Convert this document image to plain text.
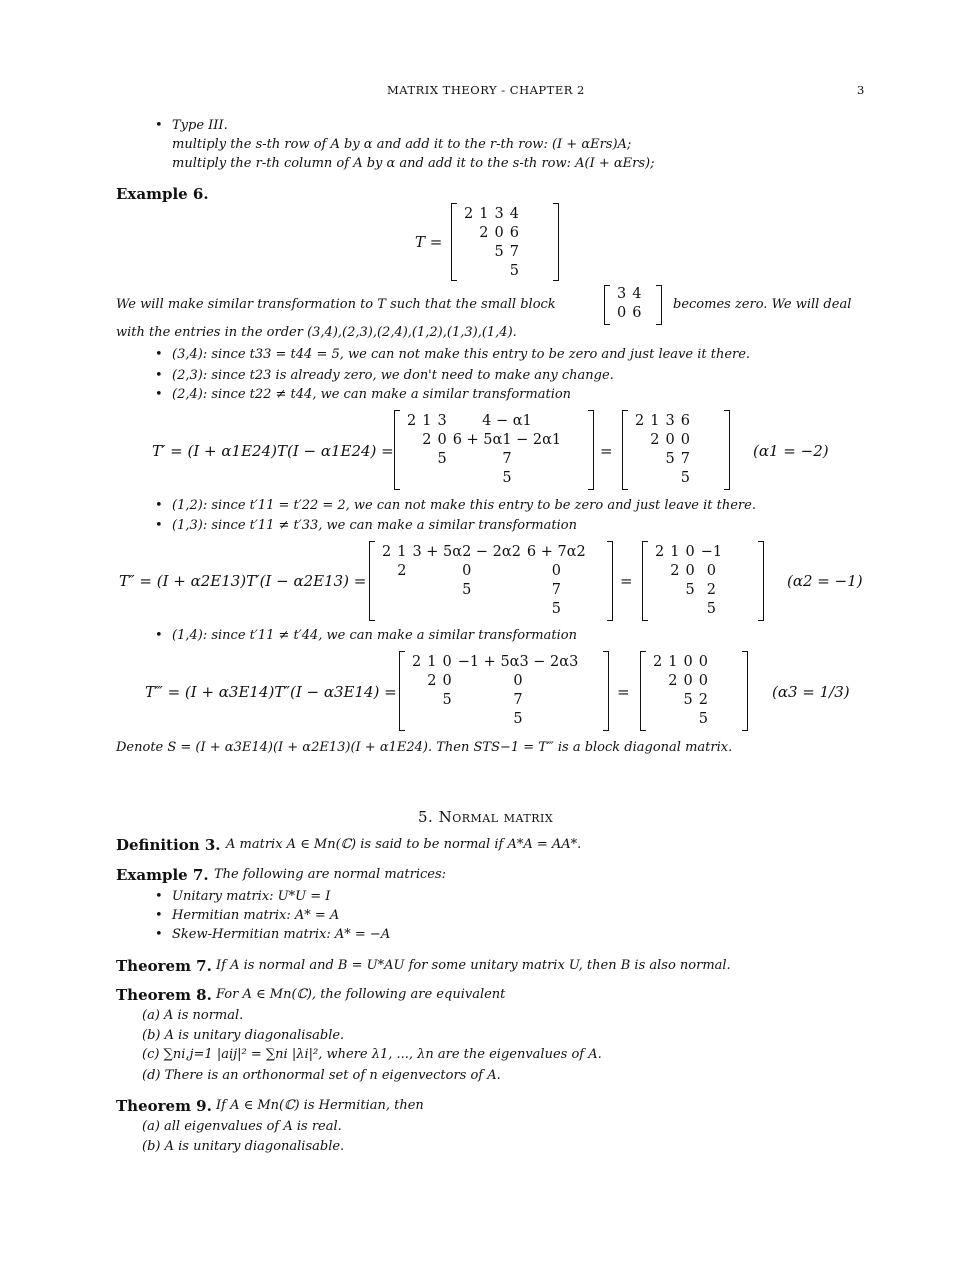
MATRIX THEORY - CHAPTER 2	3
• Type III.
multiply the s-th row of A by α and add it to the r-th row: (I + αErs)A;
multiply the r-th column of A by α and add it to the s-th row: A(I + αErs);
Example 6.
T =
2	1	3	4
	2	0	6
		5	7
			5
We will make similar transformation to T such that the small block
3	4
0	6
becomes zero. We will deal
with the entries in the order (3,4),(2,3),(2,4),(1,2),(1,3),(1,4).
• (3,4): since t33 = t44 = 5, we can not make this entry to be zero and just leave it there.
• (2,3): since t23 is already zero, we don't need to make any change.
• (2,4): since t22 ≠ t44, we can make a similar transformation
T′ = (I + α1E24)T(I − α1E24) =
2	1	3	4 − α1
	2	0	6 + 5α1 − 2α1
		5	7
			5
=
2	1	3	6
	2	0	0
		5	7
			5
(α1 = −2)
• (1,2): since t′11 = t′22 = 2, we can not make this entry to be zero and just leave it there.
• (1,3): since t′11 ≠ t′33, we can make a similar transformation
T″ = (I + α2E13)T′(I − α2E13) =
2	1	3 + 5α2 − 2α2	6 + 7α2
	2	0	0
		5	7
			5
=
2	1	0	−1
	2	0	0
		5	2
			5
(α2 = −1)
• (1,4): since t′11 ≠ t′44, we can make a similar transformation
T‴ = (I + α3E14)T″(I − α3E14) =
2	1	0	−1 + 5α3 − 2α3
	2	0	0
		5	7
			5
=
2	1	0	0
	2	0	0
		5	2
			5
(α3 = 1/3)
Denote S = (I + α3E14)(I + α2E13)(I + α1E24). Then STS−1 = T‴ is a block diagonal matrix.
5. Normal matrix
Definition 3. A matrix A ∈ Mn(ℂ) is said to be normal if A*A = AA*.
Example 7. The following are normal matrices:
• Unitary matrix: U*U = I
• Hermitian matrix: A* = A
• Skew-Hermitian matrix: A* = −A
Theorem 7. If A is normal and B = U*AU for some unitary matrix U, then B is also normal.
Theorem 8. For A ∈ Mn(ℂ), the following are equivalent
(a) A is normal.
(b) A is unitary diagonalisable.
(c) ∑ni,j=1 |aij|² = ∑ni |λi|², where λ1, ..., λn are the eigenvalues of A.
(d) There is an orthonormal set of n eigenvectors of A.
Theorem 9. If A ∈ Mn(ℂ) is Hermitian, then
(a) all eigenvalues of A is real.
(b) A is unitary diagonalisable.
